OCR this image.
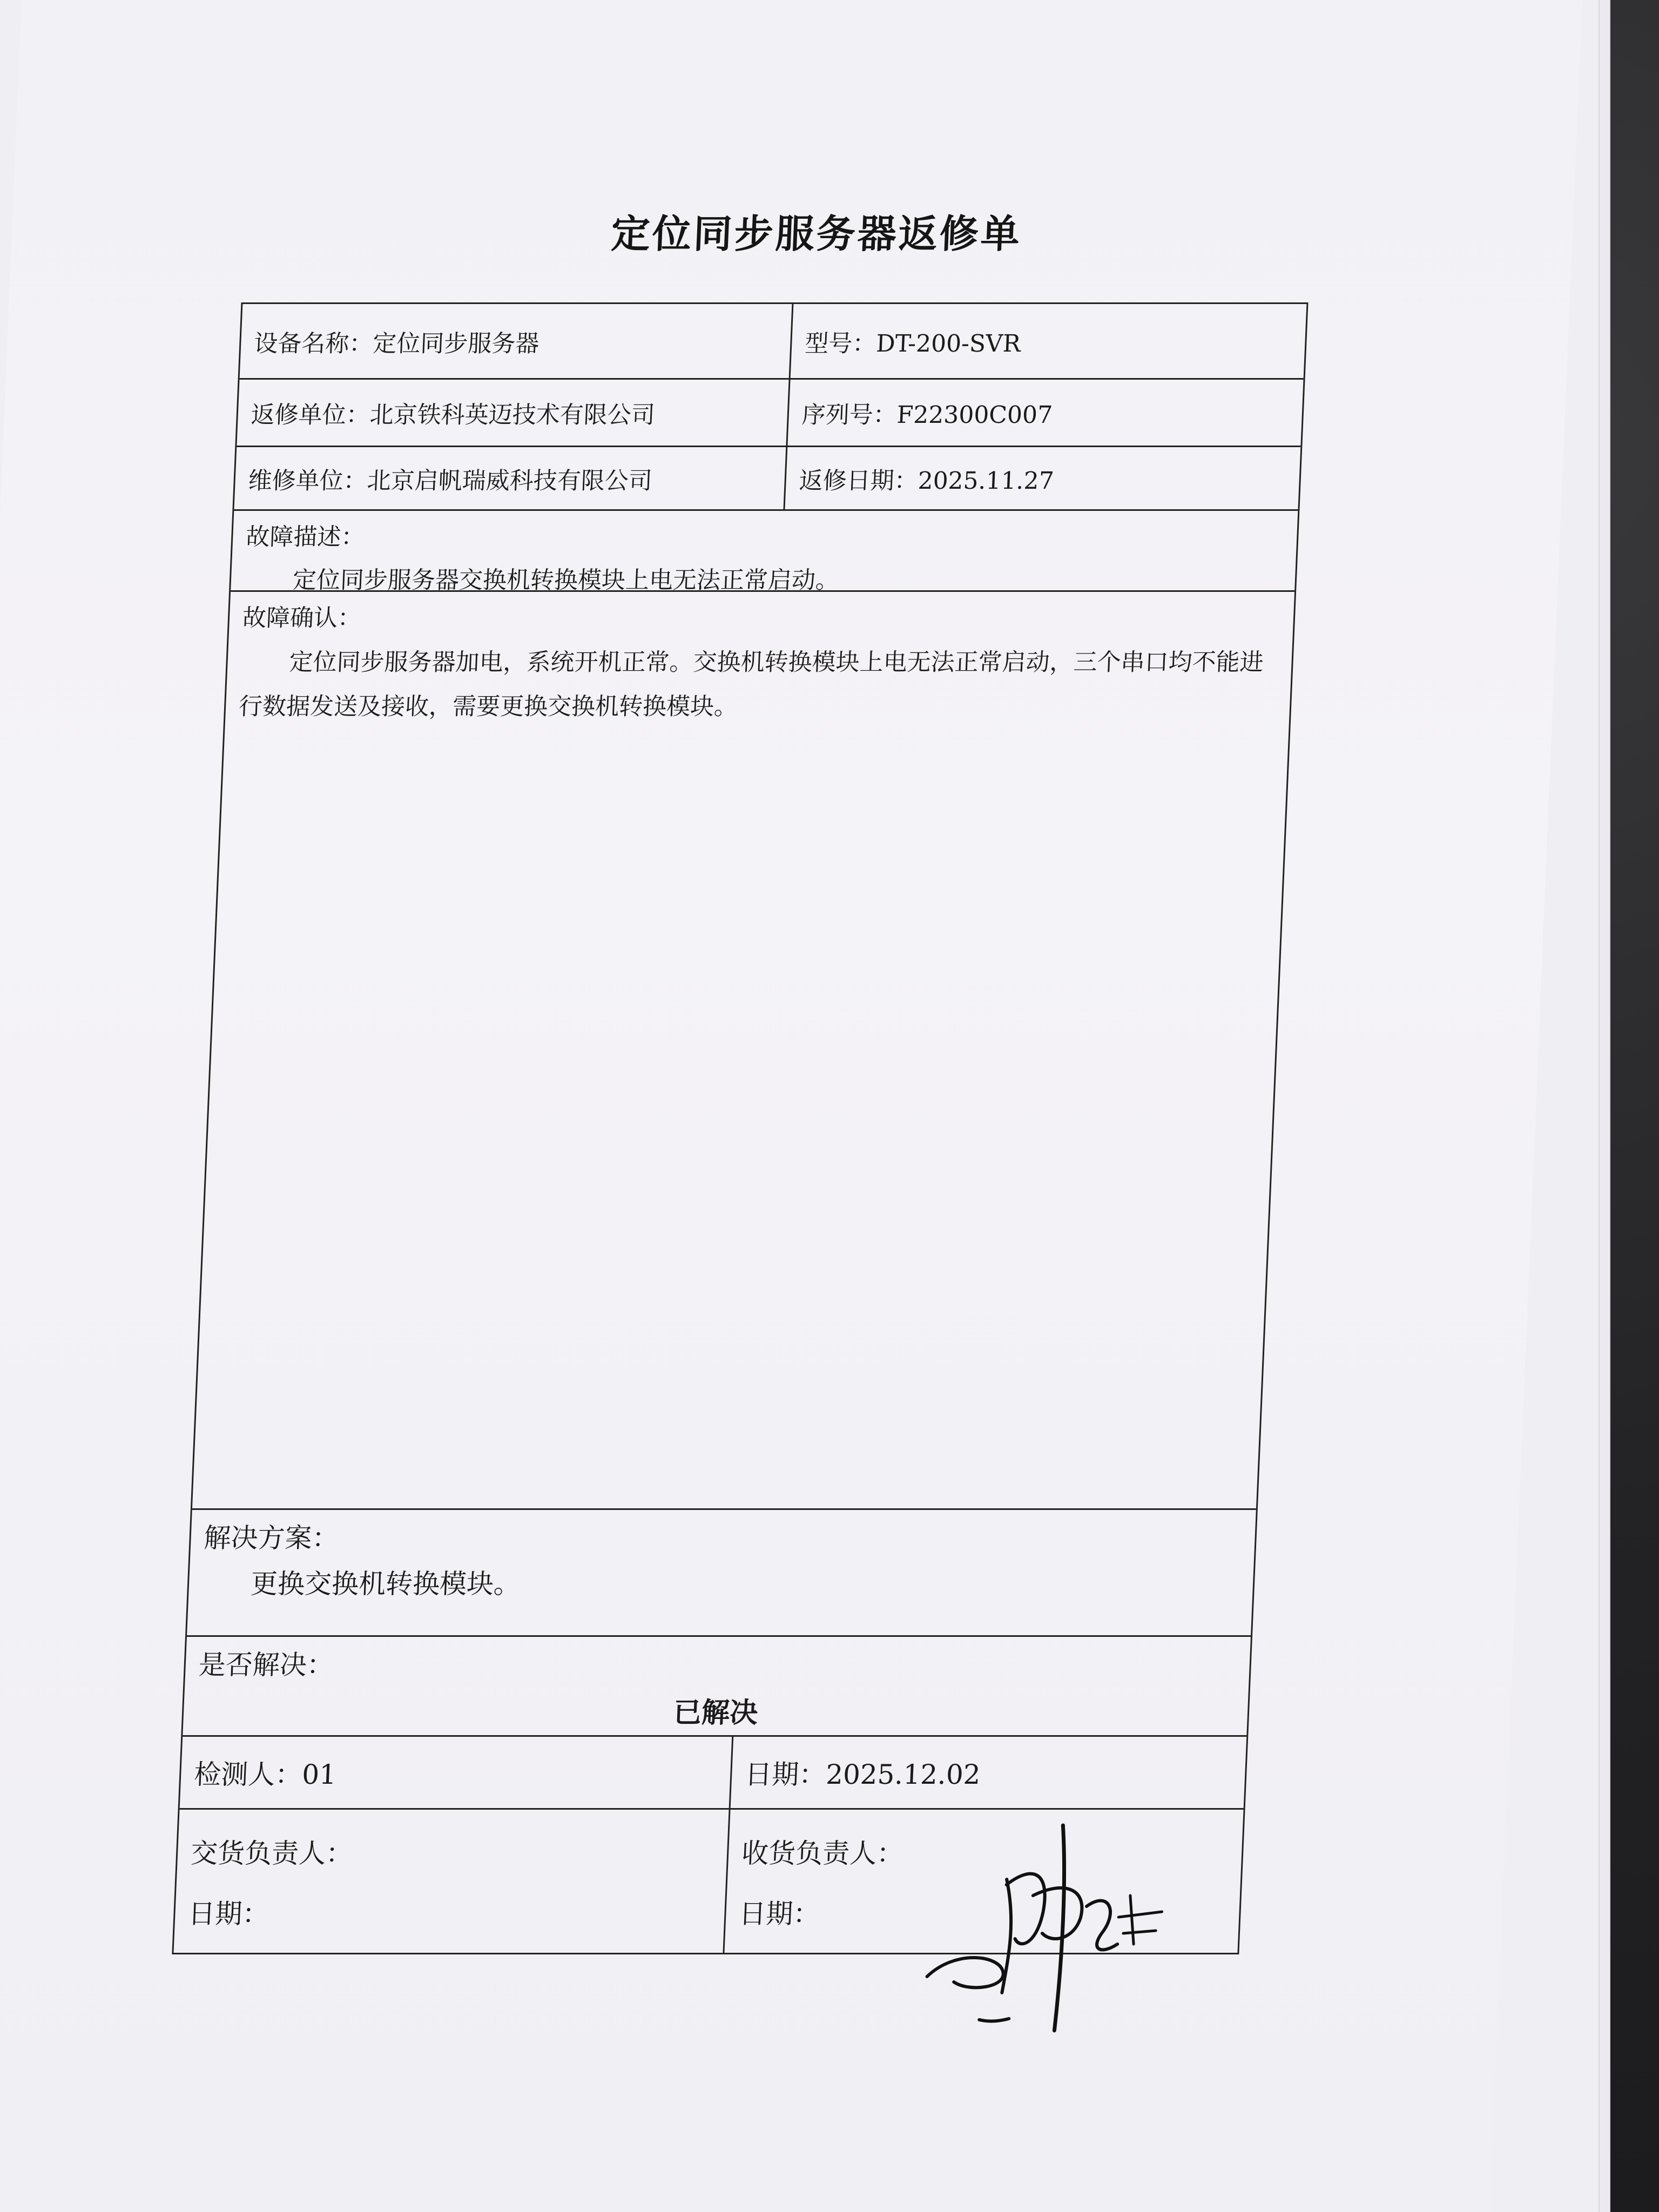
定位同步服务器返修单
设备名称：定位同步服务器	型号：DT-200-SVR
返修单位：北京铁科英迈技术有限公司	序列号：F22300C007
维修单位：北京启帆瑞威科技有限公司	返修日期：2025.11.27
故障描述：
定位同步服务器交换机转换模块上电无法正常启动。
故障确认：
定位同步服务器加电，系统开机正常。交换机转换模块上电无法正常启动，三个串口均不能进行数据发送及接收，需要更换交换机转换模块。
解决方案：
更换交换机转换模块。
是否解决：
已解决
检测人：01	日期：2025.12.02
交货负责人：
日期：
收货负责人：
日期：
